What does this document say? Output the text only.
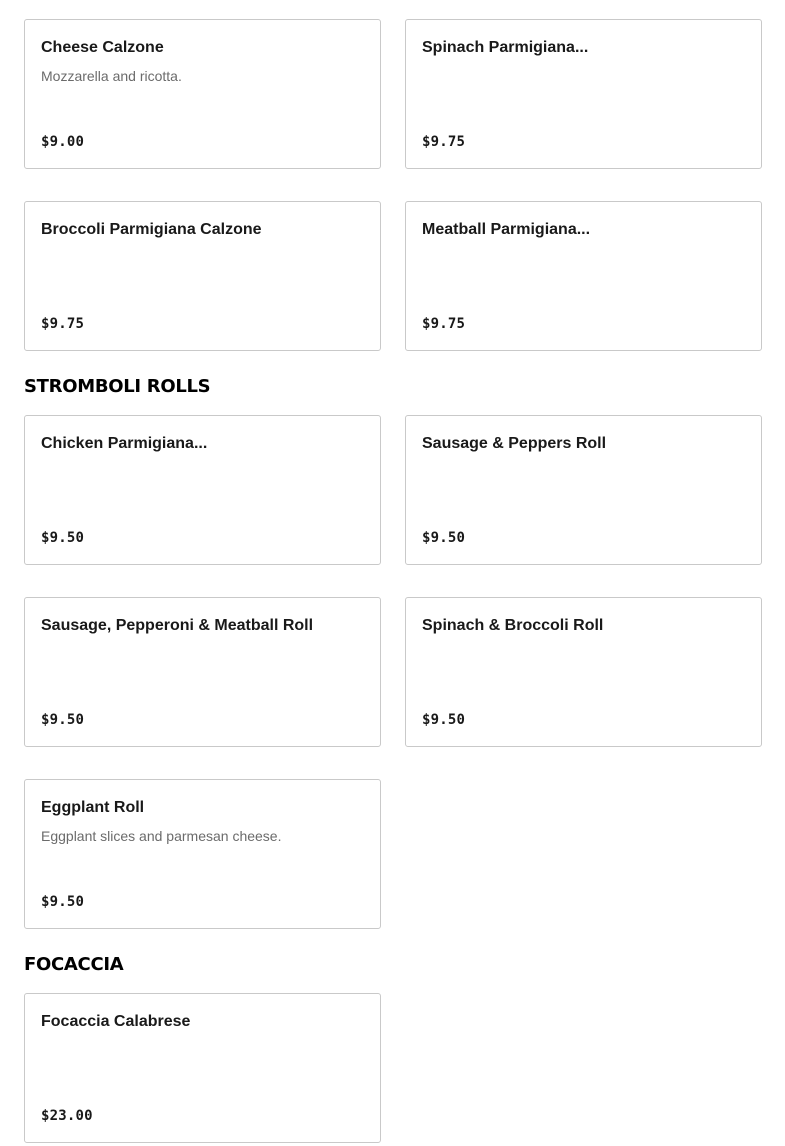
Cheese Calzone
Mozzarella and ricotta.
$9.00
Spinach Parmigiana...
$9.75
Broccoli Parmigiana Calzone
$9.75
Meatball Parmigiana...
$9.75
STROMBOLI ROLLS
Chicken Parmigiana...
$9.50
Sausage & Peppers Roll
$9.50
Sausage, Pepperoni & Meatball Roll
$9.50
Spinach & Broccoli Roll
$9.50
Eggplant Roll
Eggplant slices and parmesan cheese.
$9.50
FOCACCIA
Focaccia Calabrese
$23.00
